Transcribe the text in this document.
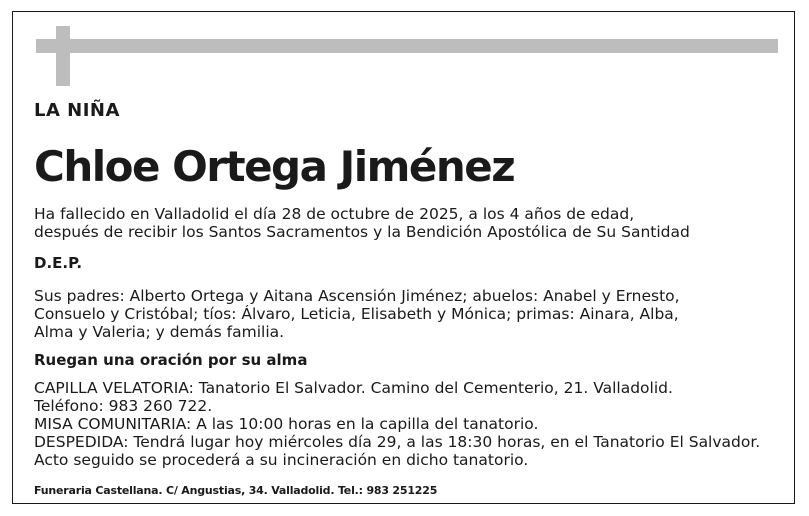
LA NIÑA
Chloe Ortega Jiménez
Ha fallecido en Valladolid el día 28 de octubre de 2025, a los 4 años de edad,
después de recibir los Santos Sacramentos y la Bendición Apostólica de Su Santidad
D.E.P.
Sus padres: Alberto Ortega y Aitana Ascensión Jiménez; abuelos: Anabel y Ernesto,
Consuelo y Cristóbal; tíos: Álvaro, Leticia, Elisabeth y Mónica; primas: Ainara, Alba,
Alma y Valeria; y demás familia.
Ruegan una oración por su alma
CAPILLA VELATORIA: Tanatorio El Salvador. Camino del Cementerio, 21. Valladolid.
Teléfono: 983 260 722.
MISA COMUNITARIA: A las 10:00 horas en la capilla del tanatorio.
DESPEDIDA: Tendrá lugar hoy miércoles día 29, a las 18:30 horas, en el Tanatorio El Salvador.
Acto seguido se procederá a su incineración en dicho tanatorio.
Funeraria Castellana. C/ Angustias, 34. Valladolid. Tel.: 983 251225
